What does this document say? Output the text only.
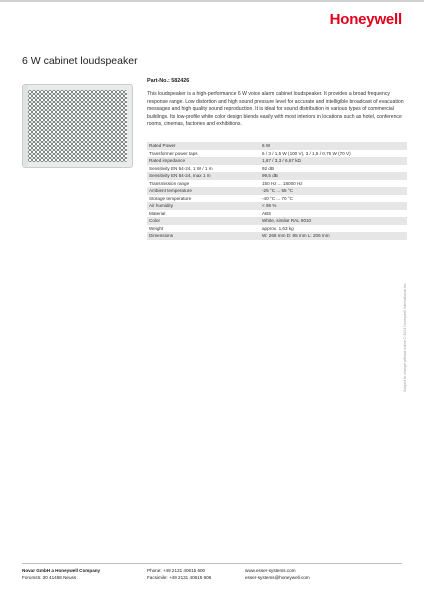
Honeywell
6 W cabinet loudspeaker
Part-No.: 582426
This loudspeaker is a high-performance 6 W voice alarm cabinet loudspeaker. It provides a broad frequency response range. Low distortion and high sound pressure level for accurate and intelligible broadcast of evacuation messages and high quality sound reproduction. It is ideal for sound distribution in various types of commercial buildings. Its low-profile white color design blends easily with most interiors in locations such as hotel, conference rooms, cinemas, factories and exhibitions.
Rated Power	6 W
Transformer power taps	6 / 3 / 1,5 W (100 V), 3 / 1,5 / 0,75 W (70 V)
Rated impedance	1,67 / 3,3 / 6,67 kΩ
Sensitivity EN 54-24, 1 W / 1 m	92 dB
Sensitivity EN 54-24, max 1 m	99,5 dB
Transmission range	150 Hz ... 18000 Hz
Ambient temperature	-25 °C ... 55 °C
Storage temperature	-40 °C ... 70 °C
Air humidity	< 95 %
Material	ABS
Color	White, similar RAL 9010
Weight	approx. 1,63 kg
Dimensions	W: 268 mm D: 85 mm L: 206 mm
Subject to change without notice © 2021 Honeywell International Inc.
Novar GmbH a Honeywell Company
Forumstr. 30 41468 Neuss
Phone: +49 2131 40615 600
Facsimile: +49 2131 40615 606
www.esser-systems.com
esser-systems@honeywell.com
